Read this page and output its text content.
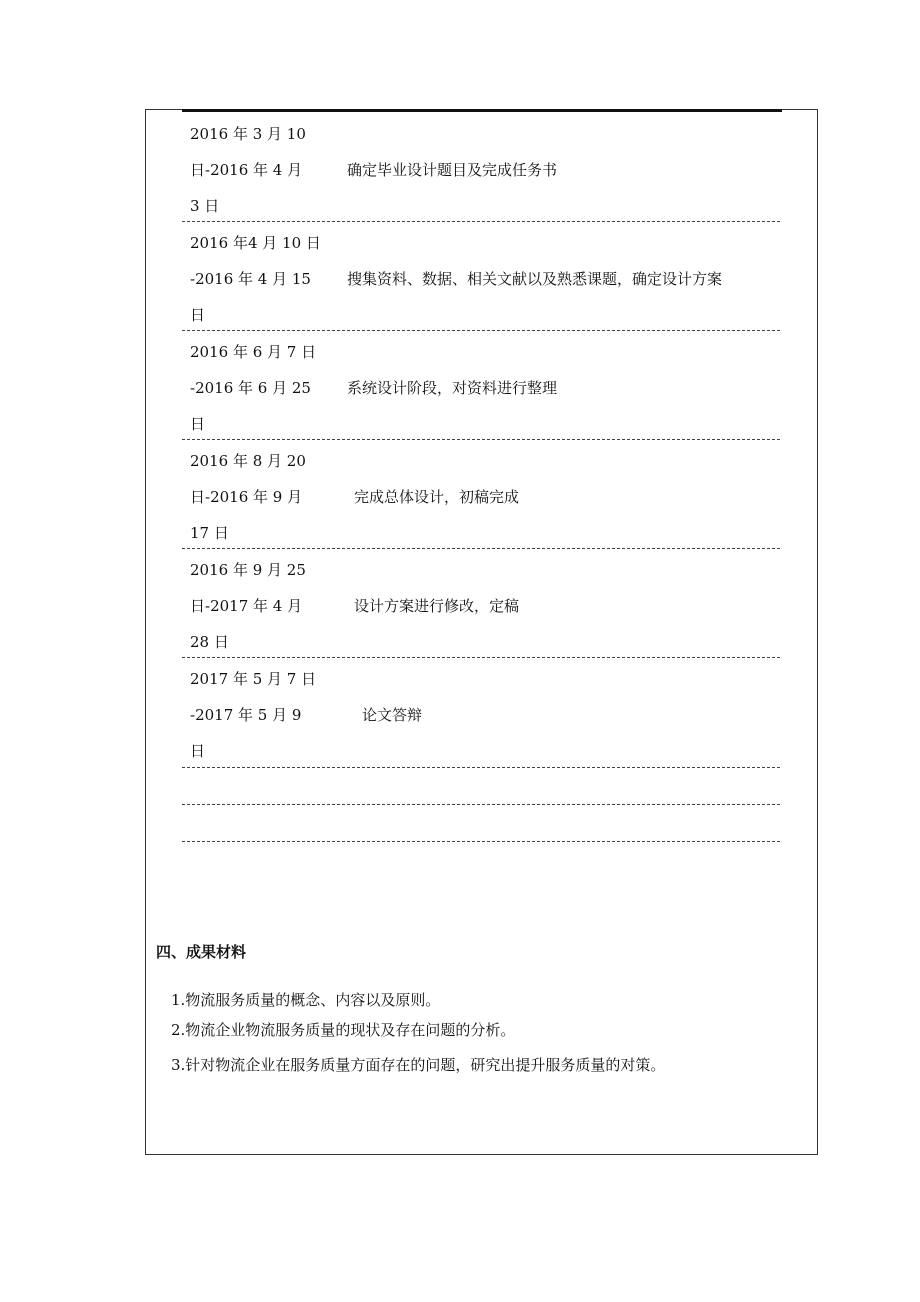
2016 年 3 月 10
日-2016 年 4 月
3 日
确定毕业设计题目及完成任务书
2016 年4 月 10 日
-2016 年 4 月 15
日
搜集资料、数据、相关文献以及熟悉课题，确定设计方案
2016 年 6 月 7 日
-2016 年 6 月 25
日
系统设计阶段，对资料进行整理
2016 年 8 月 20
日-2016 年 9 月
17 日
完成总体设计，初稿完成
2016 年 9 月 25
日-2017 年 4 月
28 日
设计方案进行修改，定稿
2017 年 5 月 7 日
-2017 年 5 月 9
日
论文答辩
四、成果材料
1.物流服务质量的概念、内容以及原则。
2.物流企业物流服务质量的现状及存在问题的分析。
3.针对物流企业在服务质量方面存在的问题，研究出提升服务质量的对策。
